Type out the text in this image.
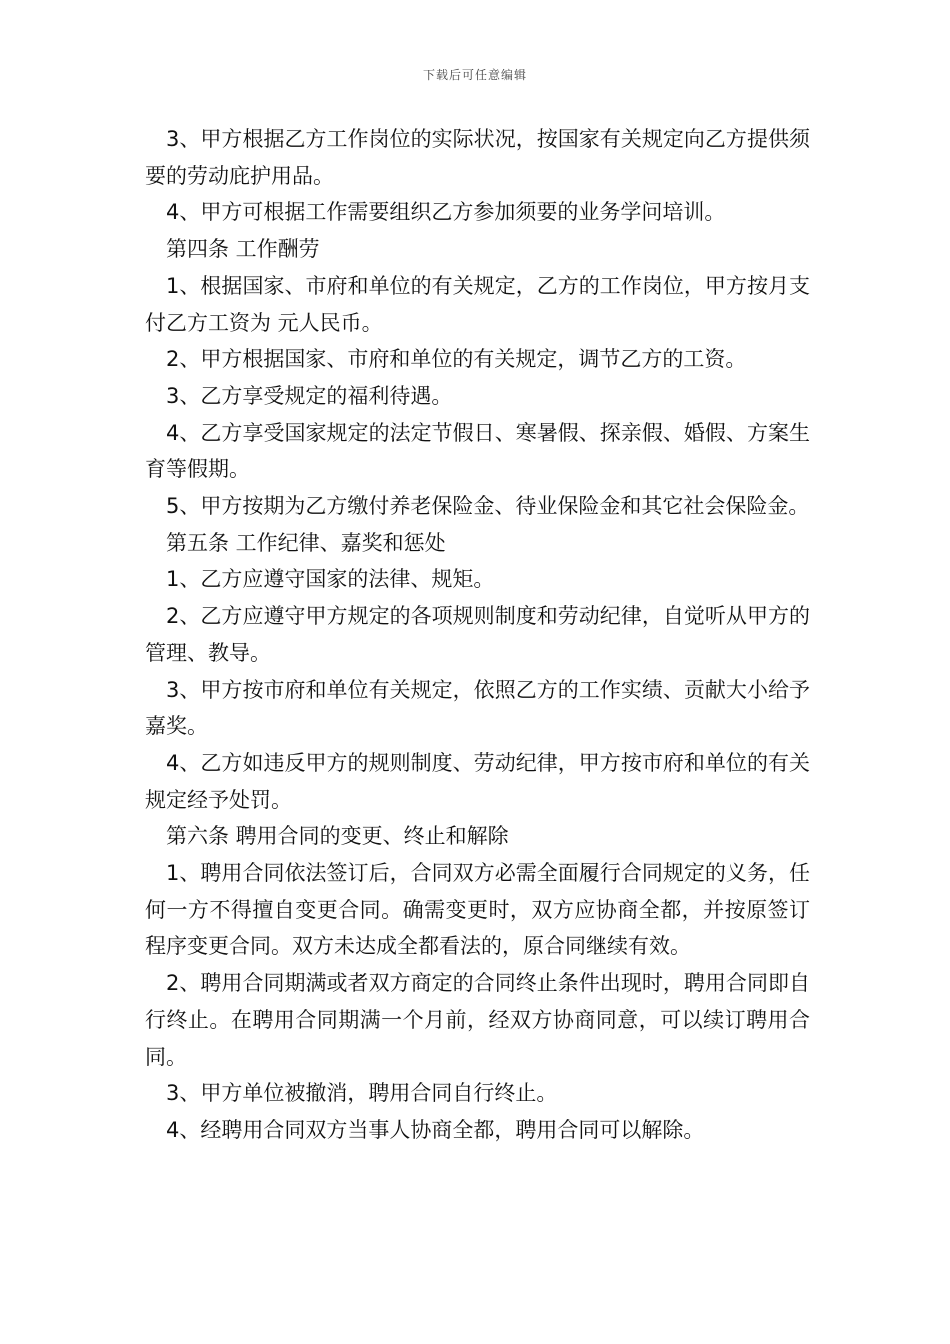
下载后可任意编辑

3、甲方根据乙方工作岗位的实际状况，按国家有关规定向乙方提供须要的劳动庇护用品。

4、甲方可根据工作需要组织乙方参加须要的业务学问培训。

第四条 工作酬劳

1、根据国家、市府和单位的有关规定，乙方的工作岗位，甲方按月支付乙方工资为 元人民币。

2、甲方根据国家、市府和单位的有关规定，调节乙方的工资。

3、乙方享受规定的福利待遇。

4、乙方享受国家规定的法定节假日、寒暑假、探亲假、婚假、方案生育等假期。

5、甲方按期为乙方缴付养老保险金、待业保险金和其它社会保险金。

第五条 工作纪律、嘉奖和惩处

1、乙方应遵守国家的法律、规矩。

2、乙方应遵守甲方规定的各项规则制度和劳动纪律，自觉听从甲方的管理、教导。

3、甲方按市府和单位有关规定，依照乙方的工作实绩、贡献大小给予嘉奖。

4、乙方如违反甲方的规则制度、劳动纪律，甲方按市府和单位的有关规定经予处罚。

第六条 聘用合同的变更、终止和解除

1、聘用合同依法签订后，合同双方必需全面履行合同规定的义务，任何一方不得擅自变更合同。确需变更时，双方应协商全都，并按原签订程序变更合同。双方未达成全都看法的，原合同继续有效。

2、聘用合同期满或者双方商定的合同终止条件出现时，聘用合同即自行终止。在聘用合同期满一个月前，经双方协商同意，可以续订聘用合同。

3、甲方单位被撤消，聘用合同自行终止。

4、经聘用合同双方当事人协商全都，聘用合同可以解除。
